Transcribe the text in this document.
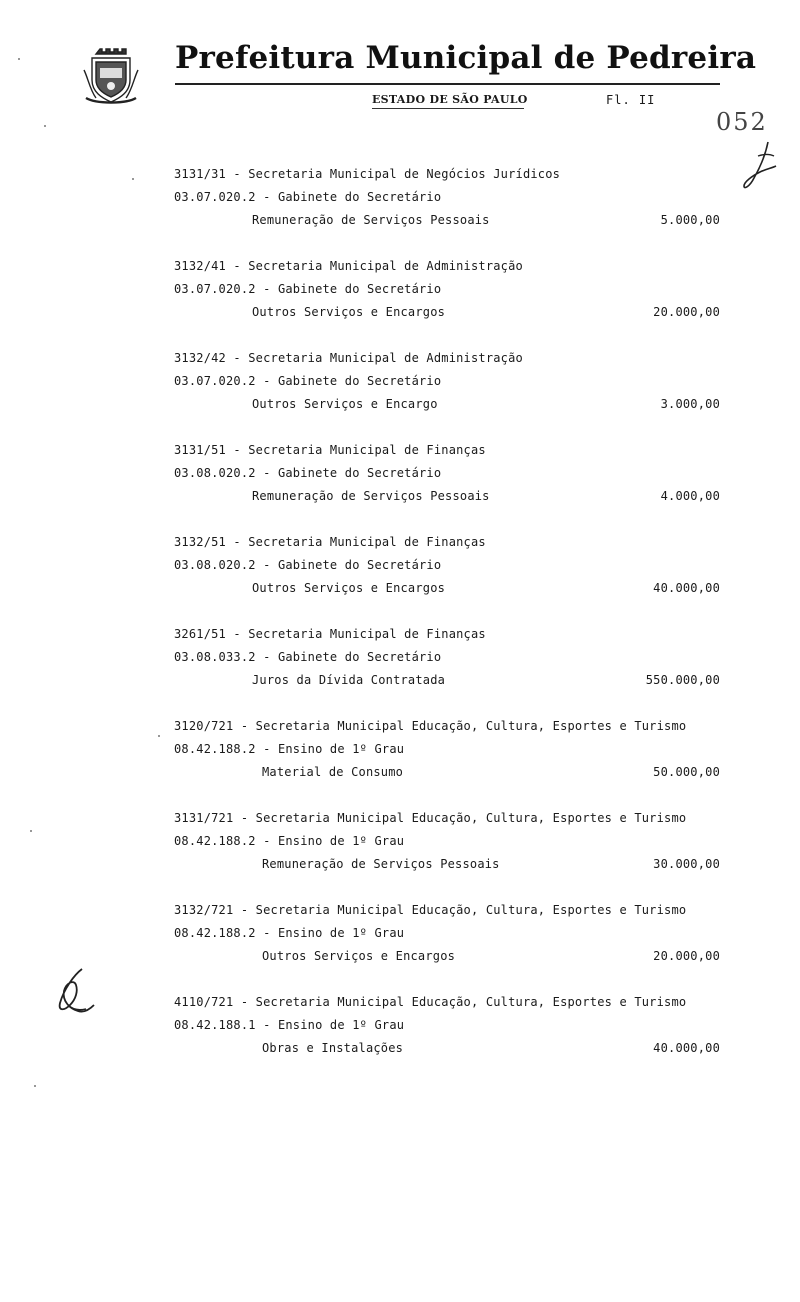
Prefeitura Municipal de Pedreira
ESTADO DE SÃO PAULO	Fl. II
052
3131/31 - Secretaria Municipal de Negócios Jurídicos
03.07.020.2 - Gabinete do Secretário
Remuneração de Serviços Pessoais	5.000,00
3132/41 - Secretaria Municipal de Administração
03.07.020.2 - Gabinete do Secretário
Outros Serviços e Encargos	20.000,00
3132/42 - Secretaria Municipal de Administração
03.07.020.2 - Gabinete do Secretário
Outros Serviços e Encargo	3.000,00
3131/51 - Secretaria Municipal de Finanças
03.08.020.2 - Gabinete do Secretário
Remuneração de Serviços Pessoais	4.000,00
3132/51 - Secretaria Municipal de Finanças
03.08.020.2 - Gabinete do Secretário
Outros Serviços e Encargos	40.000,00
3261/51 - Secretaria Municipal de Finanças
03.08.033.2 - Gabinete do Secretário
Juros da Dívida Contratada	550.000,00
3120/721 - Secretaria Municipal Educação, Cultura, Esportes e Turismo
08.42.188.2 - Ensino de 1º Grau
Material de Consumo	50.000,00
3131/721 - Secretaria Municipal Educação, Cultura, Esportes e Turismo
08.42.188.2 - Ensino de 1º Grau
Remuneração de Serviços Pessoais	30.000,00
3132/721 - Secretaria Municipal Educação, Cultura, Esportes e Turismo
08.42.188.2 - Ensino de 1º Grau
Outros Serviços e Encargos	20.000,00
4110/721 - Secretaria Municipal Educação, Cultura, Esportes e Turismo
08.42.188.1 - Ensino de 1º Grau
Obras e Instalações	40.000,00
